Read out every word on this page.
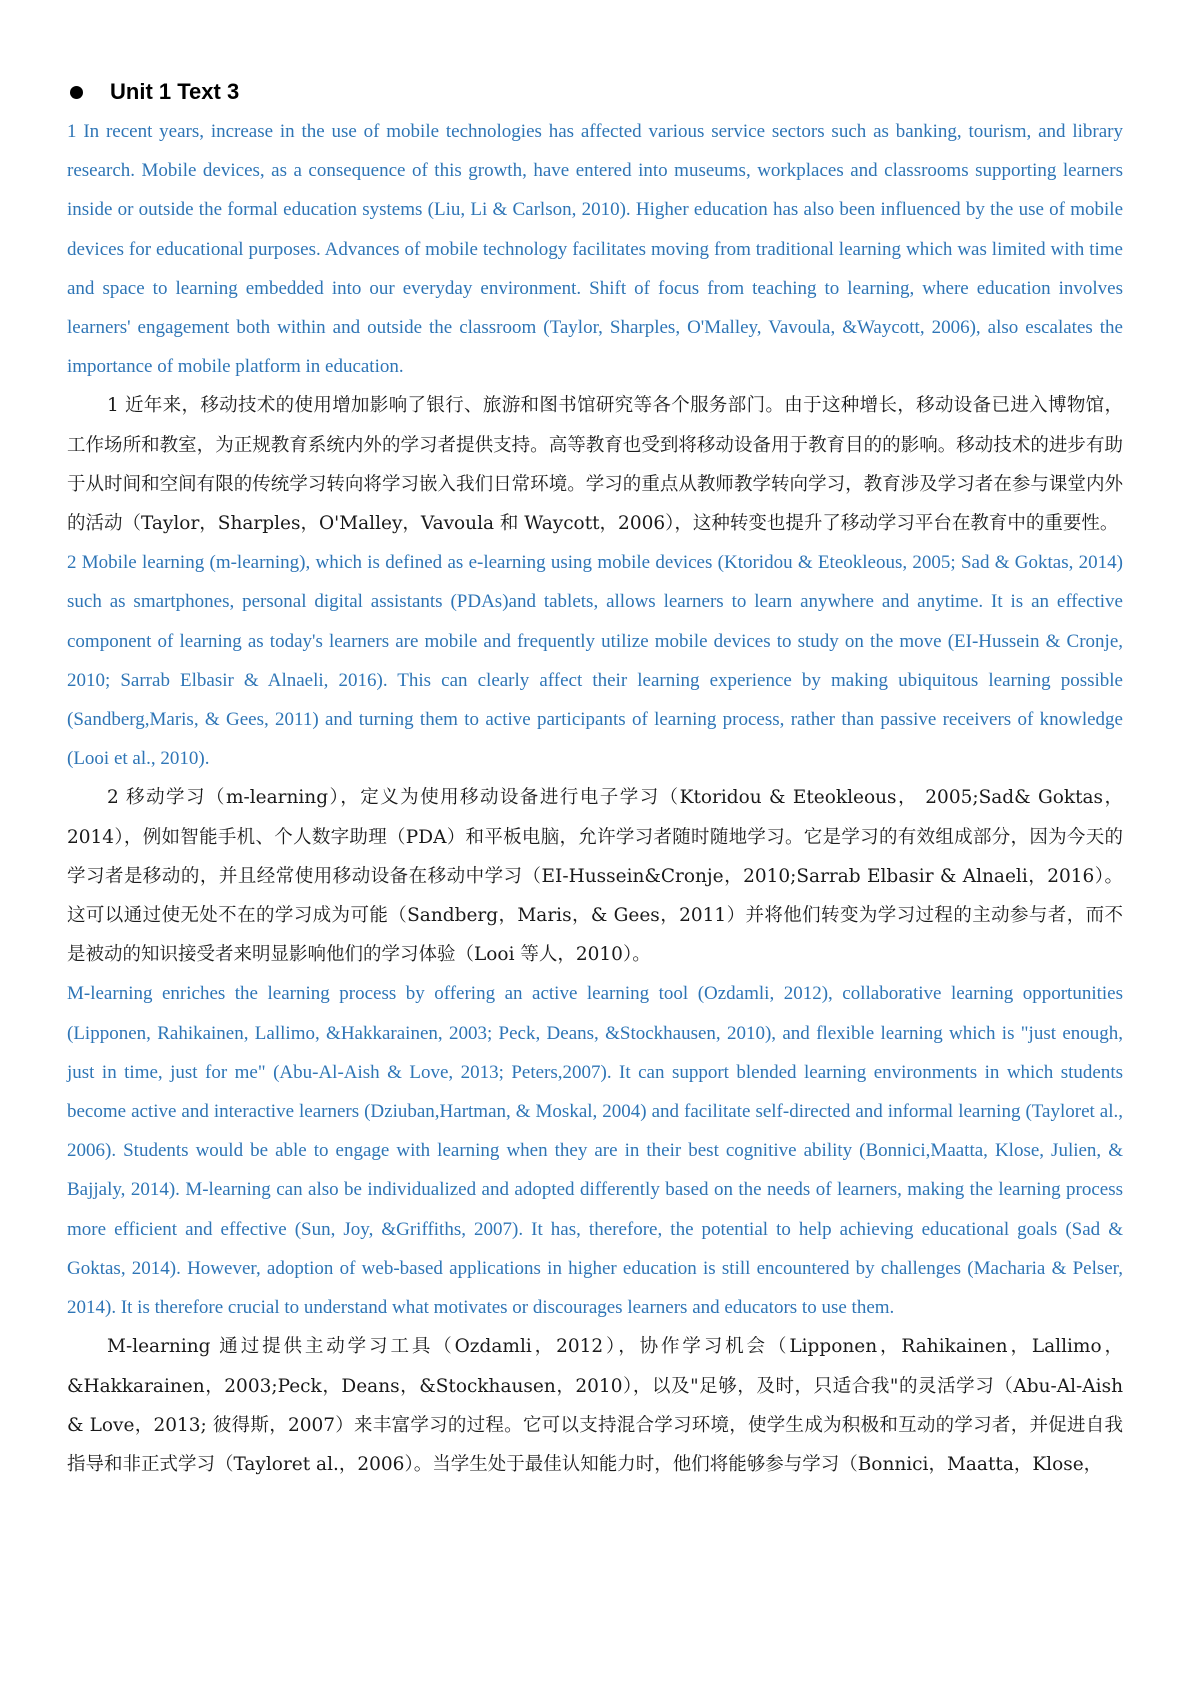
Unit 1 Text 3

1 In recent years, increase in the use of mobile technologies has affected various service sectors such as banking, tourism, and library research. Mobile devices, as a consequence of this growth, have entered into museums, workplaces and classrooms supporting learners inside or outside the formal education systems (Liu, Li & Carlson, 2010). Higher education has also been influenced by the use of mobile devices for educational purposes. Advances of mobile technology facilitates moving from traditional learning which was limited with time and space to learning embedded into our everyday environment. Shift of focus from teaching to learning, where education involves learners' engagement both within and outside the classroom (Taylor, Sharples, O'Malley, Vavoula, &Waycott, 2006), also escalates the importance of mobile platform in education.

1 近年来，移动技术的使用增加影响了银行、旅游和图书馆研究等各个服务部门。由于这种增长，移动设备已进入博物馆，工作场所和教室，为正规教育系统内外的学习者提供支持。高等教育也受到将移动设备用于教育目的的影响。移动技术的进步有助于从时间和空间有限的传统学习转向将学习嵌入我们日常环境。学习的重点从教师教学转向学习，教育涉及学习者在参与课堂内外的活动（Taylor，Sharples，O'Malley，Vavoula 和 Waycott，2006），这种转变也提升了移动学习平台在教育中的重要性。

2 Mobile learning (m-learning), which is defined as e-learning using mobile devices (Ktoridou & Eteokleous, 2005; Sad & Goktas, 2014) such as smartphones, personal digital assistants (PDAs)and tablets, allows learners to learn anywhere and anytime. It is an effective component of learning as today's learners are mobile and frequently utilize mobile devices to study on the move (EI-Hussein & Cronje, 2010; Sarrab Elbasir & Alnaeli, 2016). This can clearly affect their learning experience by making ubiquitous learning possible (Sandberg,Maris, & Gees, 2011) and turning them to active participants of learning process, rather than passive receivers of knowledge (Looi et al., 2010).

2 移动学习（m-learning），定义为使用移动设备进行电子学习（Ktoridou & Eteokleous， 2005;Sad& Goktas，2014），例如智能手机、个人数字助理（PDA）和平板电脑，允许学习者随时随地学习。它是学习的有效组成部分，因为今天的学习者是移动的，并且经常使用移动设备在移动中学习（EI-Hussein&Cronje，2010;Sarrab Elbasir & Alnaeli，2016）。这可以通过使无处不在的学习成为可能（Sandberg，Maris，& Gees，2011）并将他们转变为学习过程的主动参与者，而不是被动的知识接受者来明显影响他们的学习体验（Looi 等人，2010）。

M-learning enriches the learning process by offering an active learning tool (Ozdamli, 2012), collaborative learning opportunities (Lipponen, Rahikainen, Lallimo, &Hakkarainen, 2003; Peck, Deans, &Stockhausen, 2010), and flexible learning which is "just enough, just in time, just for me" (Abu-Al-Aish & Love, 2013; Peters,2007). It can support blended learning environments in which students become active and interactive learners (Dziuban,Hartman, & Moskal, 2004) and facilitate self-directed and informal learning (Tayloret al., 2006). Students would be able to engage with learning when they are in their best cognitive ability (Bonnici,Maatta, Klose, Julien, & Bajjaly, 2014). M-learning can also be individualized and adopted differently based on the needs of learners, making the learning process more efficient and effective (Sun, Joy, &Griffiths, 2007). It has, therefore, the potential to help achieving educational goals (Sad & Goktas, 2014). However, adoption of web-based applications in higher education is still encountered by challenges (Macharia & Pelser, 2014). It is therefore crucial to understand what motivates or discourages learners and educators to use them.

M-learning 通过提供主动学习工具（Ozdamli，2012），协作学习机会（Lipponen，Rahikainen，Lallimo，&Hakkarainen，2003;Peck，Deans，&Stockhausen，2010），以及"足够，及时，只适合我"的灵活学习（Abu-Al-Aish & Love，2013; 彼得斯，2007）来丰富学习的过程。它可以支持混合学习环境，使学生成为积极和互动的学习者，并促进自我指导和非正式学习（Tayloret al.，2006）。当学生处于最佳认知能力时，他们将能够参与学习（Bonnici，Maatta，Klose，
